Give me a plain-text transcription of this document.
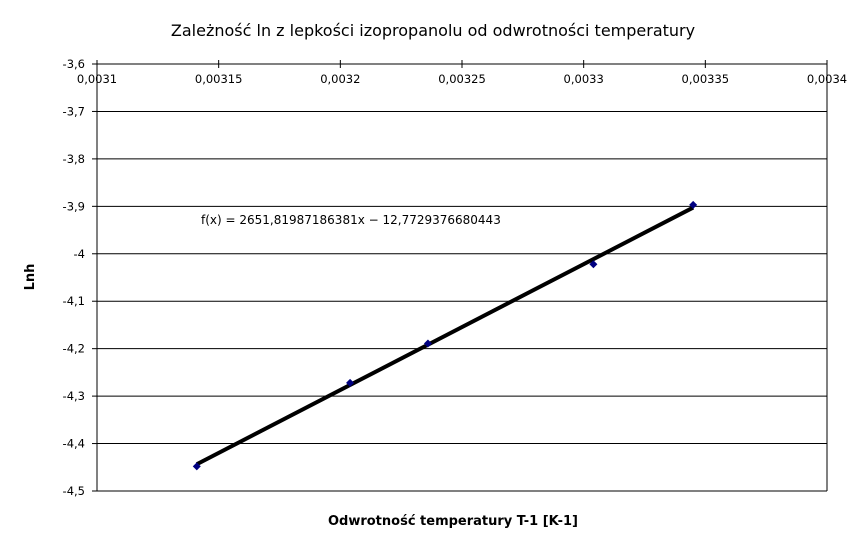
Zależność ln z lepkości izopropanolu od odwrotności temperatury
Odwrotność temperatury T-1 [K-1]
Lnh
-3,6
-3,7
-3,8
-3,9
-4
-4,1
-4,2
-4,3
-4,4
-4,5
0,0031	0,00315	0,0032	0,00325	0,0033	0,00335	0,0034
f(x) = 2651,81987186381x − 12,7729376680443
